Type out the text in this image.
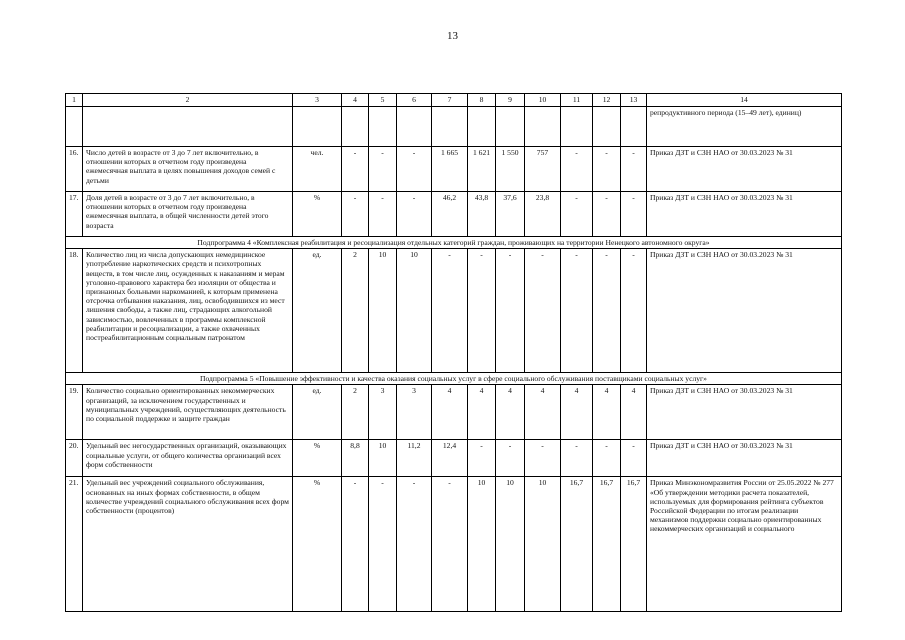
13
1	2	3	4	5	6	7	8	9	10	11	12	13	14
													репродуктивного периода (15–49 лет), единиц)
16.	Число детей в возрасте от 3 до 7 лет включительно, в отношении которых в отчетном году произведена ежемесячная выплата в целях повышения доходов семей с детьми	чел.	-	-	-	1 665	1 621	1 550	757	-	-	-	Приказ ДЗТ и СЗН НАО от 30.03.2023 № 31
17.	Доля детей в возрасте от 3 до 7 лет включительно, в отношении которых в отчетном году произведена ежемесячная выплата, в общей численности детей этого возраста	%	-	-	-	46,2	43,8	37,6	23,8	-	-	-	Приказ ДЗТ и СЗН НАО от 30.03.2023 № 31
Подпрограмма 4 «Комплексная реабилитация и ресоциализация отдельных категорий граждан, проживающих на территории Ненецкого автономного округа»													
18.	Количество лиц из числа допускающих немедицинское употребление наркотических средств и психотропных веществ, в том числе лиц, осужденных к наказаниям и мерам уголовно-правового характера без изоляции от общества и признанных больными наркоманией, к которым применена отсрочка отбывания наказания, лиц, освободившихся из мест лишения свободы, а также лиц, страдающих алкогольной зависимостью, вовлеченных в программы комплексной реабилитации и ресоциализации, а также охваченных постреабилитационным социальным патронатом	ед.	2	10	10	-	-	-	-	-	-	-	Приказ ДЗТ и СЗН НАО от 30.03.2023 № 31
Подпрограмма 5 «Повышение эффективности и качества оказания социальных услуг в сфере социального обслуживания поставщиками социальных услуг»													
19.	Количество социально ориентированных некоммерческих организаций, за исключением государственных и муниципальных учреждений, осуществляющих деятельность по социальной поддержке и защите граждан	ед.	2	3	3	4	4	4	4	4	4	4	Приказ ДЗТ и СЗН НАО от 30.03.2023 № 31
20.	Удельный вес негосударственных организаций, оказывающих социальные услуги, от общего количества организаций всех форм собственности	%	8,8	10	11,2	12,4	-	-	-	-	-	-	Приказ ДЗТ и СЗН НАО от 30.03.2023 № 31
21.	Удельный вес учреждений социального обслуживания, основанных на иных формах собственности, в общем количестве учреждений социального обслуживания всех форм собственности (процентов)	%	-	-	-	-	10	10	10	16,7	16,7	16,7	Приказ Минэкономразвития России от 25.05.2022 № 277 «Об утверждении методики расчета показателей, используемых для формирования рейтинга субъектов Российской Федерации по итогам реализации механизмов поддержки социально ориентированных некоммерческих организаций и социального
